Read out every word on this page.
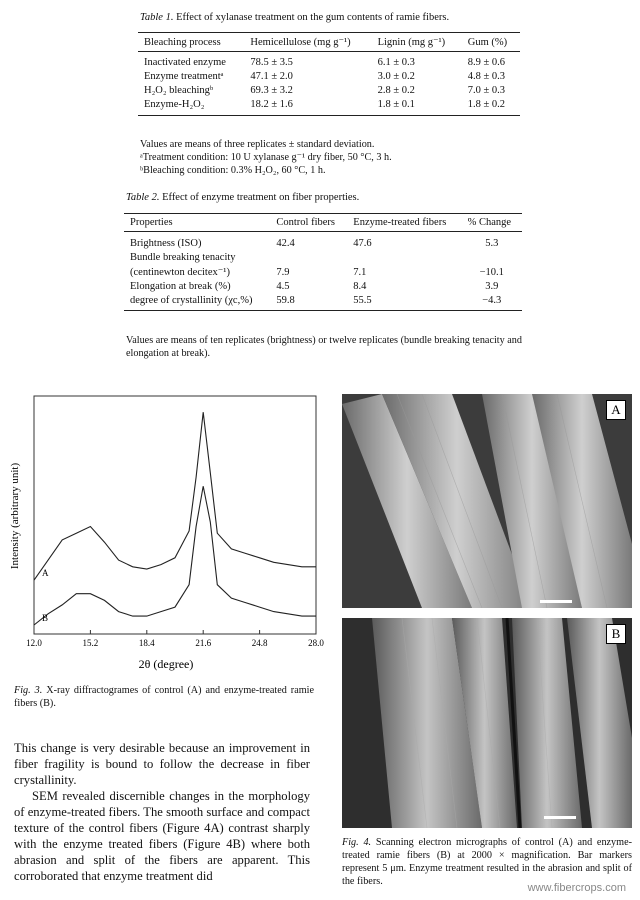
Table 1. Effect of xylanase treatment on the gum contents of ramie fibers.
Bleaching process	Hemicellulose (mg g⁻¹)	Lignin (mg g⁻¹)	Gum (%)
Inactivated enzyme	78.5 ± 3.5	6.1 ± 0.3	8.9 ± 0.6
Enzyme treatmentᵃ	47.1 ± 2.0	3.0 ± 0.2	4.8 ± 0.3
H₂O₂ bleachingᵇ	69.3 ± 3.2	2.8 ± 0.2	7.0 ± 0.3
Enzyme-H₂O₂	18.2 ± 1.6	1.8 ± 0.1	1.8 ± 0.2
Values are means of three replicates ± standard deviation.
ᵃTreatment condition: 10 U xylanase g⁻¹ dry fiber, 50 °C, 3 h.
ᵇBleaching condition: 0.3% H₂O₂, 60 °C, 1 h.
Table 2. Effect of enzyme treatment on fiber properties.
Properties	Control fibers	Enzyme-treated fibers	% Change
Brightness (ISO)	42.4	47.6	5.3
Bundle breaking tenacity			
(centinewton decitex⁻¹)	7.9	7.1	−10.1
Elongation at break (%)	4.5	8.4	3.9
degree of crystallinity (χc,%)	59.8	55.5	−4.3
Values are means of ten replicates (brightness) or twelve replicates (bundle breaking tenacity and elongation at break).
12.0	15.2	18.4	21.6	24.8	28.0
A
B
Intensity (arbitrary unit)
2θ (degree)
Fig. 3. X-ray diffractogrames of control (A) and enzyme-treated ramie fibers (B).
This change is very desirable because an improvement in fiber fragility is bound to follow the decrease in fiber crystallinity.
SEM revealed discernible changes in the morphology of enzyme-treated fibers. The smooth surface and compact texture of the control fibers (Figure 4A) contrast sharply with the enzyme treated fibers (Figure 4B) where both abrasion and split of the fibers are apparent. This corroborated that enzyme treatment did
A
B
Fig. 4. Scanning electron micrographs of control (A) and enzyme-treated ramie fibers (B) at 2000 × magnification. Bar markers represent 5 μm. Enzyme treatment resulted in the abrasion and split of the fibers.
www.fibercrops.com
